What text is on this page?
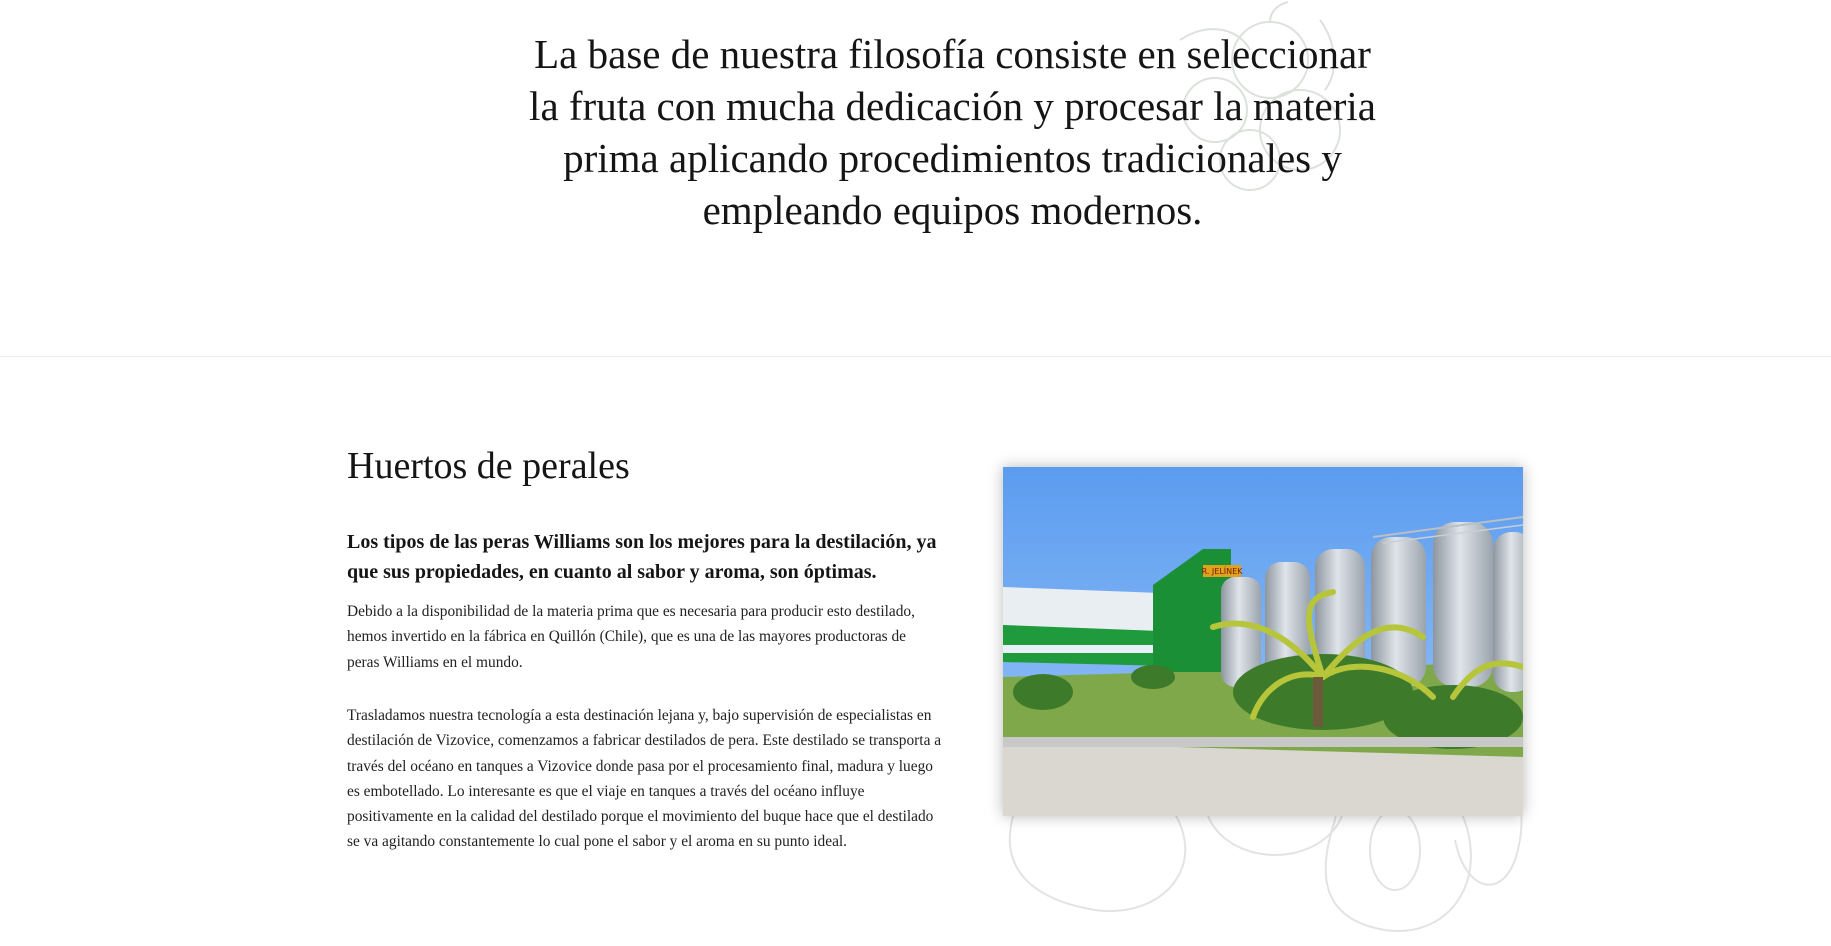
La base de nuestra filosofía consiste en seleccionar la fruta con mucha dedicación y procesar la materia prima aplicando procedimientos tradicionales y empleando equipos modernos.
Huertos de perales

Los tipos de las peras Williams son los mejores para la destilación, ya que sus propiedades, en cuanto al sabor y aroma, son óptimas.

Debido a la disponibilidad de la materia prima que es necesaria para producir esto destilado, hemos invertido en la fábrica en Quillón (Chile), que es una de las mayores productoras de peras Williams en el mundo.

Trasladamos nuestra tecnología a esta destinación lejana y, bajo supervisión de especialistas en destilación de Vizovice, comenzamos a fabricar destilados de pera. Este destilado se transporta a través del océano en tanques a Vizovice donde pasa por el procesamiento final, madura y luego es embotellado. Lo interesante es que el viaje en tanques a través del océano influye positivamente en la calidad del destilado porque el movimiento del buque hace que el destilado se va agitando constantemente lo cual pone el sabor y el aroma en su punto ideal.

R. JELÍNEK
